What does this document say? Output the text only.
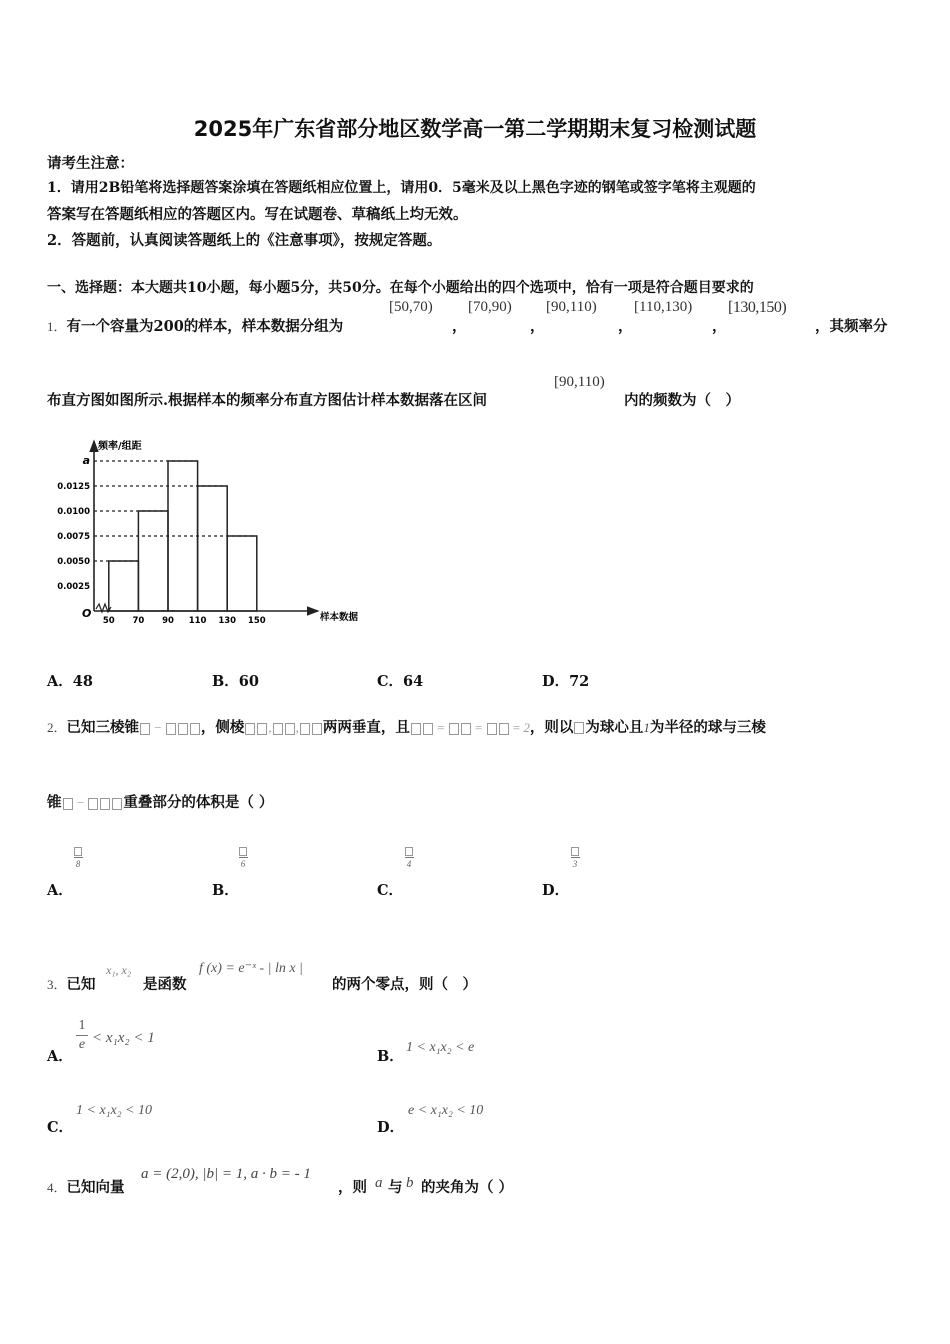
2025年广东省部分地区数学高一第二学期期末复习检测试题
请考生注意：
1．请用2B铅笔将选择题答案涂填在答题纸相应位置上，请用0．5毫米及以上黑色字迹的钢笔或签字笔将主观题的
答案写在答题纸相应的答题区内。写在试题卷、草稿纸上均无效。
2．答题前，认真阅读答题纸上的《注意事项》，按规定答题。
一、选择题：本大题共10小题，每小题5分，共50分。在每个小题给出的四个选项中，恰有一项是符合题目要求的
1．有一个容量为200的样本，样本数据分组为
[50,70)
，
[70,90)
，
[90,110)
，
[110,130)
，
[130,150)
，其频率分
布直方图如图所示.根据样本的频率分布直方图估计样本数据落在区间
[90,110)
内的频数为（　）
O
频率/组距
样本数据
0.0025
0.0050
0.0075
0.0100
0.0125
a
50 70 90 110 130 150
A．48	B．60	C．64	D．72
2．已知三棱锥 − ，侧棱 , , 两两垂直，且 =  =  = 2，则以 为球心且1为半径的球与三棱
锥 − 重叠部分的体积是（ ）
A．
8
B．
6
C．
4
D．
3
3．已知
x₁, x₂
是函数
f (x) = e⁻ˣ - | ln x |
的两个零点，则（　）
A．
1
e < x₁x₂ < 1
B．
1 < x₁x₂ < e
C．
1 < x₁x₂ < 10
D．
e < x₁x₂ < 10
4．已知向量
a = (2,0), |b| = 1, a · b = - 1
，则 a 与 b 的夹角为（ ）
